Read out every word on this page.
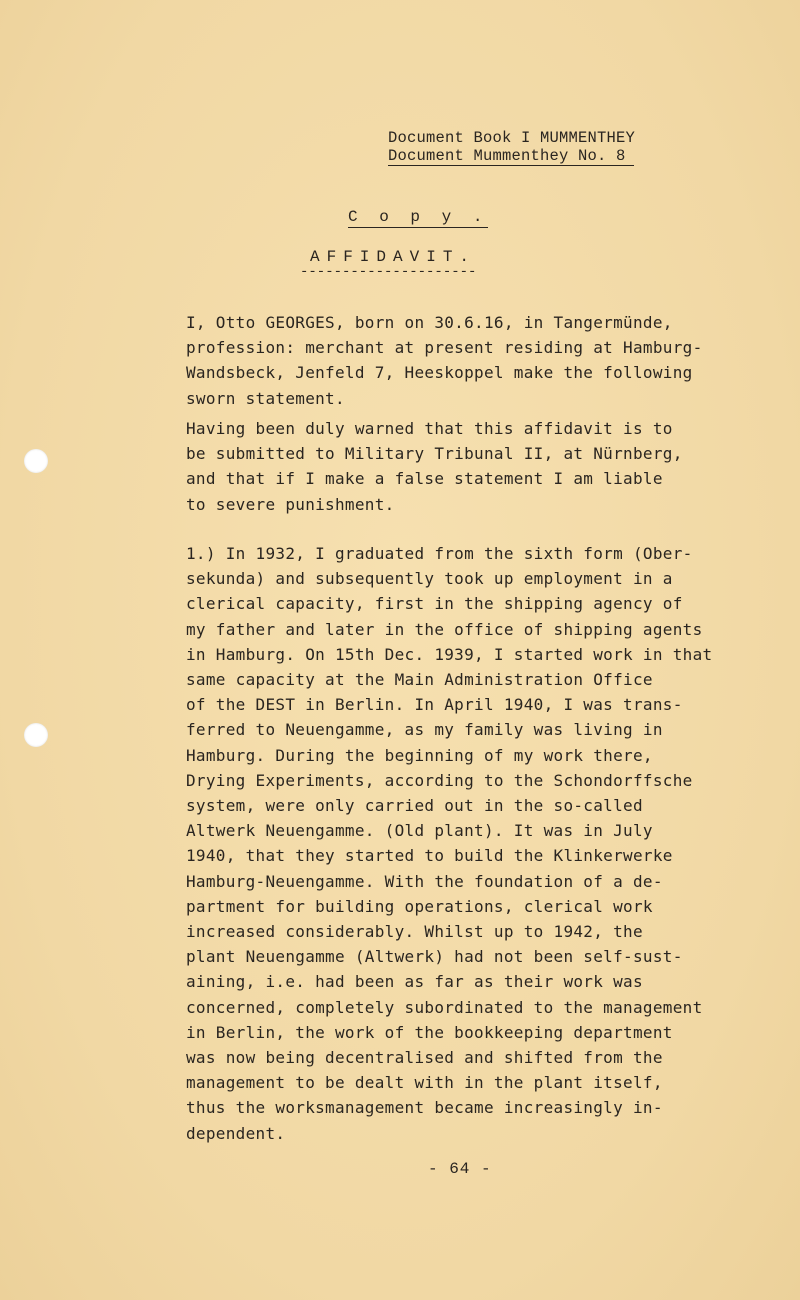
Document Book I MUMMENTHEY
Document Mummenthey No. 8
C o p y .
AFFIDAVIT.
---------------------
I, Otto GEORGES, born on 30.6.16, in Tangermünde,
profession: merchant at present residing at Hamburg-
Wandsbeck, Jenfeld 7, Heeskoppel make the following
sworn statement.
Having been duly warned that this affidavit is to
be submitted to Military Tribunal II, at Nürnberg,
and that if I make a false statement I am liable
to severe punishment.
1.) In 1932, I graduated from the sixth form (Ober-
sekunda) and subsequently took up employment in a
clerical capacity, first in the shipping agency of
my father and later in the office of shipping agents
in Hamburg. On 15th Dec. 1939, I started work in that
same capacity at the Main Administration Office
of the DEST in Berlin. In April 1940, I was trans-
ferred to Neuengamme, as my family was living in
Hamburg. During the beginning of my work there,
Drying Experiments, according to the Schondorffsche
system, were only carried out in the so-called
Altwerk Neuengamme. (Old plant). It was in July
1940, that they started to build the Klinkerwerke
Hamburg-Neuengamme. With the foundation of a de-
partment for building operations, clerical work
increased considerably. Whilst up to 1942, the
plant Neuengamme (Altwerk) had not been self-sust-
aining, i.e. had been as far as their work was
concerned, completely subordinated to the management
in Berlin, the work of the bookkeeping department
was now being decentralised and shifted from the
management to be dealt with in the plant itself,
thus the worksmanagement became increasingly in-
dependent.
- 64 -
